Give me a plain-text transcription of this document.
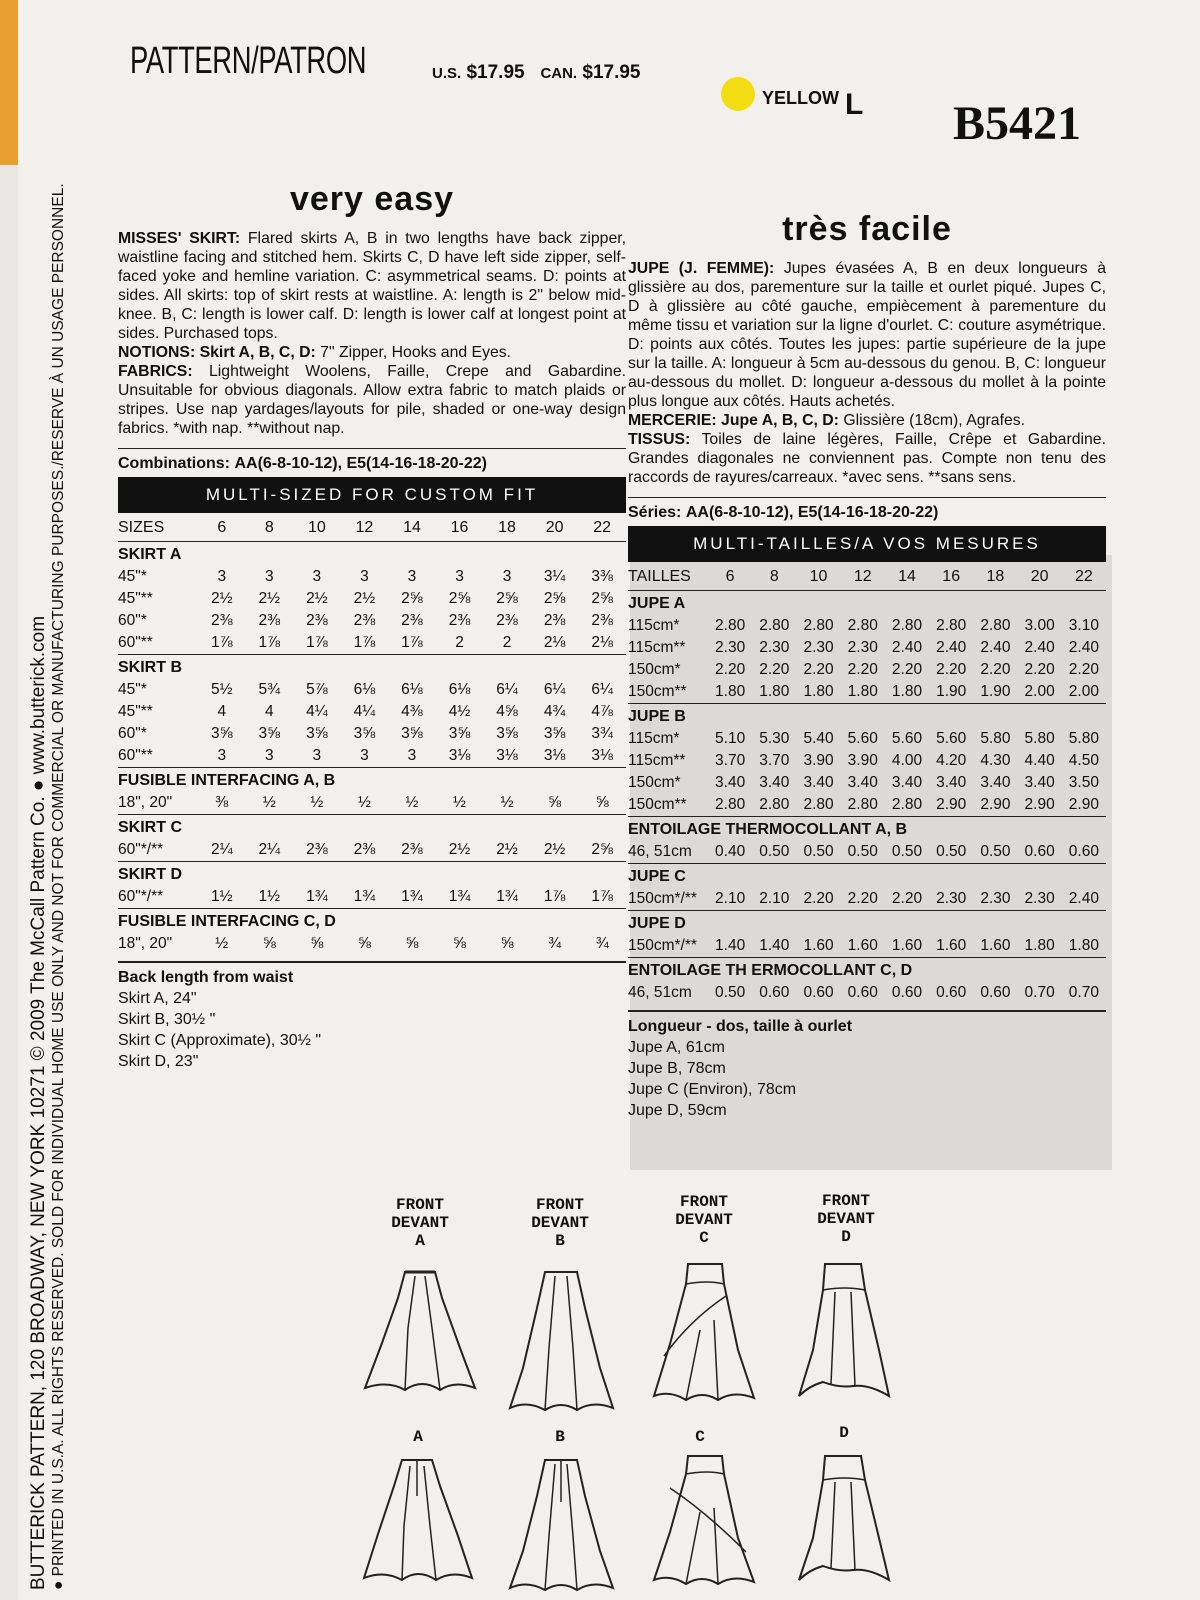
BUTTERICK PATTERN, 120 BROADWAY, NEW YORK 10271 © 2009 The McCall Pattern Co. ● www.butterick.com ● PRINTED IN U.S.A. ALL RIGHTS RESERVED. SOLD FOR INDIVIDUAL HOME USE ONLY AND NOT FOR COMMERCIAL OR MANUFACTURING PURPOSES./RESERVE À UN USAGE PERSONNEL.
PATTERN/PATRON	U.S. $17.95 CAN. $17.95
YELLOW L B5421
very easy
MISSES' SKIRT: Flared skirts A, B in two lengths have back zipper, waistline facing and stitched hem. Skirts C, D have left side zipper, self-faced yoke and hemline variation. C: asymmetrical seams. D: points at sides. All skirts: top of skirt rests at waistline. A: length is 2" below mid-knee. B, C: length is lower calf. D: length is lower calf at longest point at sides. Purchased tops.
NOTIONS: Skirt A, B, C, D: 7" Zipper, Hooks and Eyes.
FABRICS: Lightweight Woolens, Faille, Crepe and Gabardine. Unsuitable for obvious diagonals. Allow extra fabric to match plaids or stripes. Use nap yardages/layouts for pile, shaded or one-way design fabrics. *with nap. **without nap.
Combinations: AA(6-8-10-12), E5(14-16-18-20-22)
MULTI-SIZED FOR CUSTOM FIT
SIZES	6	8	10	12	14	16	18	20	22
SKIRT A									
45"*	3	3	3	3	3	3	3	3¼	3⅜
45"**	2½	2½	2½	2½	2⅝	2⅝	2⅝	2⅝	2⅝
60"*	2⅜	2⅜	2⅜	2⅜	2⅜	2⅜	2⅜	2⅜	2⅜
60"**	1⅞	1⅞	1⅞	1⅞	1⅞	2	2	2⅛	2⅛
SKIRT B									
45"*	5½	5¾	5⅞	6⅛	6⅛	6⅛	6¼	6¼	6¼
45"**	4	4	4¼	4¼	4⅜	4½	4⅝	4¾	4⅞
60"*	3⅝	3⅝	3⅝	3⅝	3⅝	3⅝	3⅝	3⅝	3¾
60"**	3	3	3	3	3	3⅛	3⅛	3⅛	3⅛
FUSIBLE INTERFACING A, B									
18", 20"	⅜	½	½	½	½	½	½	⅝	⅝
SKIRT C									
60"*/**	2¼	2¼	2⅜	2⅜	2⅜	2½	2½	2½	2⅝
SKIRT D									
60"*/**	1½	1½	1¾	1¾	1¾	1¾	1¾	1⅞	1⅞
FUSIBLE INTERFACING C, D									
18", 20"	½	⅝	⅝	⅝	⅝	⅝	⅝	¾	¾
Back length from waist
Skirt A, 24"
Skirt B, 30½ "
Skirt C (Approximate), 30½ "
Skirt D, 23"
très facile
JUPE (J. FEMME): Jupes évasées A, B en deux longueurs à glissière au dos, parementure sur la taille et ourlet piqué. Jupes C, D à glissière au côté gauche, empiècement à parementure du même tissu et variation sur la ligne d'ourlet. C: couture asymétrique. D: points aux côtés. Toutes les jupes: partie supérieure de la jupe sur la taille. A: longueur à 5cm au-dessous du genou. B, C: longueur au-dessous du mollet. D: longueur a-dessous du mollet à la pointe plus longue aux côtés. Hauts achetés.
MERCERIE: Jupe A, B, C, D: Glissière (18cm), Agrafes.
TISSUS: Toiles de laine légères, Faille, Crêpe et Gabardine. Grandes diagonales ne conviennent pas. Compte non tenu des raccords de rayures/carreaux. *avec sens. **sans sens.
Séries: AA(6-8-10-12), E5(14-16-18-20-22)
MULTI-TAILLES/A VOS MESURES
TAILLES	6	8	10	12	14	16	18	20	22
JUPE A									
115cm*	2.80	2.80	2.80	2.80	2.80	2.80	2.80	3.00	3.10
115cm**	2.30	2.30	2.30	2.30	2.40	2.40	2.40	2.40	2.40
150cm*	2.20	2.20	2.20	2.20	2.20	2.20	2.20	2.20	2.20
150cm**	1.80	1.80	1.80	1.80	1.80	1.90	1.90	2.00	2.00
JUPE B									
115cm*	5.10	5.30	5.40	5.60	5.60	5.60	5.80	5.80	5.80
115cm**	3.70	3.70	3.90	3.90	4.00	4.20	4.30	4.40	4.50
150cm*	3.40	3.40	3.40	3.40	3.40	3.40	3.40	3.40	3.50
150cm**	2.80	2.80	2.80	2.80	2.80	2.90	2.90	2.90	2.90
ENTOILAGE THERMOCOLLANT A, B									
46, 51cm	0.40	0.50	0.50	0.50	0.50	0.50	0.50	0.60	0.60
JUPE C									
150cm*/**	2.10	2.10	2.20	2.20	2.20	2.30	2.30	2.30	2.40
JUPE D									
150cm*/**	1.40	1.40	1.60	1.60	1.60	1.60	1.60	1.80	1.80
ENTOILAGE TH ERMOCOLLANT C, D									
46, 51cm	0.50	0.60	0.60	0.60	0.60	0.60	0.60	0.70	0.70
Longueur - dos, taille à ourlet
Jupe A, 61cm
Jupe B, 78cm
Jupe C (Environ), 78cm
Jupe D, 59cm
FRONT
DEVANT
A
FRONT
DEVANT
B
FRONT
DEVANT
C
FRONT
DEVANT
D
A	B	C	D
